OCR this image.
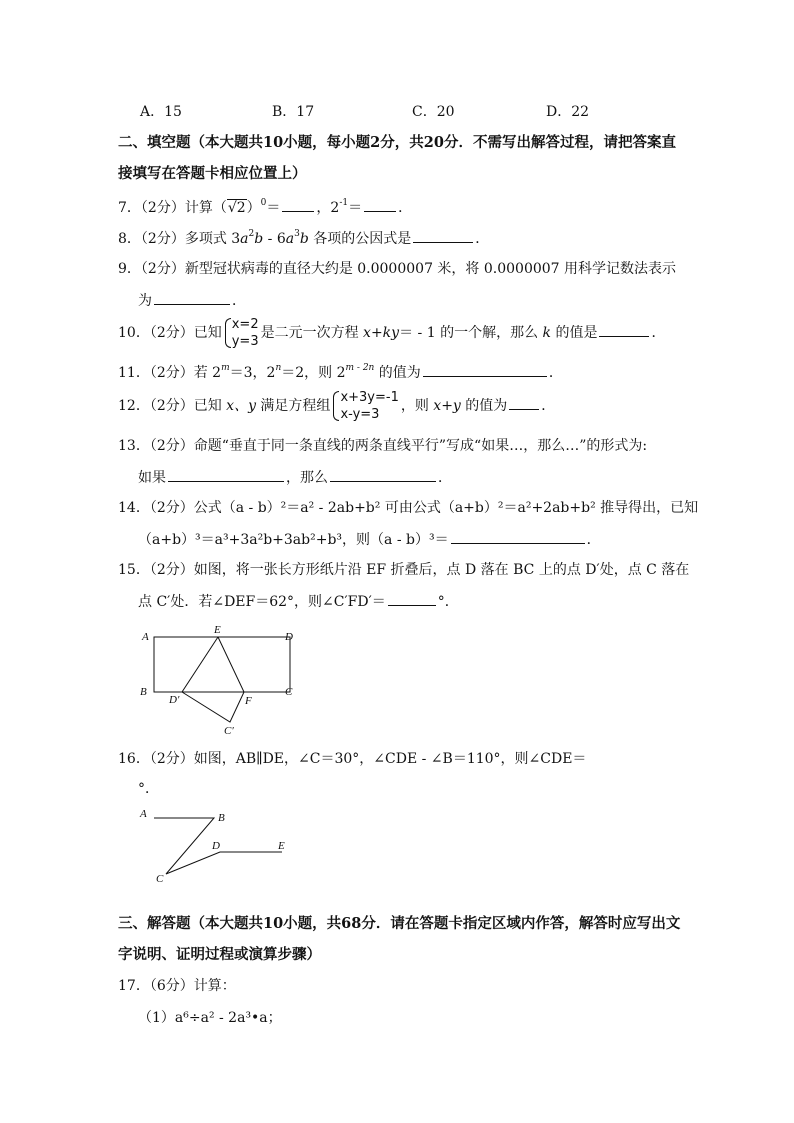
A．15	B．17	C．20	D．22
二、填空题（本大题共10小题，每小题2分，共20分．不需写出解答过程，请把答案直
接填写在答题卡相应位置上）
7．（2分）计算$(√2)^0=$	，$2^{-1}=$	．
8．（2分）多项式 $3a^2b - 6a^3b$ 各项的公因式是	．
9．（2分）新型冠状病毒的直径大约是 0.0000007 米，将 0.0000007 用科学记数法表示
为	．
10．（2分）已知
x=2
y=3
是二元一次方程 x+ky＝ - 1 的一个解，那么 k 的值是	．
11．（2分）若 $2^m=3$，$2^n=2$，则 $2^{m - 2n}$ 的值为	．
12．（2分）已知 x、y 满足方程组
x+3y=-1
x-y=3
，则 x+y 的值为 ．
13．（2分）命题“垂直于同一条直线的两条直线平行”写成“如果…，那么…”的形式为:
如果	，那么	．
14．（2分）公式（a - b）²＝a² - 2ab+b² 可由公式（a+b）²＝a²+2ab+b² 推导得出，已知
（a+b）³＝a³+3a²b+3ab²+b³，则（a - b）³＝	．
15．（2分）如图，将一张长方形纸片沿 EF 折叠后，点 D 落在 BC 上的点 D′处，点 C 落在
点 C′处．若∠DEF＝62°，则∠C′FD′＝	°．
A
E
D
B
D′	F
C
C′
16．（2分）如图，AB∥DE，∠C＝30°，∠CDE - ∠B＝110°，则∠CDE＝
°．
A	B
D	E
C
三、解答题（本大题共10小题，共68分．请在答题卡指定区域内作答，解答时应写出文
字说明、证明过程或演算步骤）
17．（6分）计算：
（1）a⁶÷a² - 2a³•a；
